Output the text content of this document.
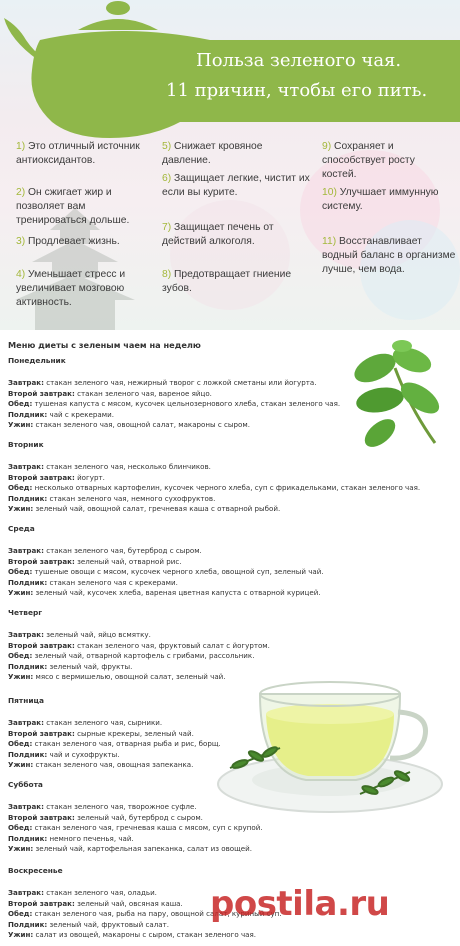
Польза зеленого чая.
11 причин, чтобы его пить.
1) Это отличный источник антиоксидантов.
2) Он сжигает жир и позволяет вам тренироваться дольше.
3) Продлевает жизнь.
4) Уменьшает стресс и увеличивает мозговою активность.
5) Снижает кровяное давление.
6) Защищает легкие, чистит их если вы курите.
7) Защищает печень от действий алкоголя.
8) Предотвращает гниение зубов.
9) Сохраняет и способствует росту костей.
10) Улучшает иммунную систему.
11) Восстанавливает водный баланс в организме лучше, чем вода.
Меню диеты с зеленым чаем на неделю
Понедельник
Завтрак: стакан зеленого чая, нежирный творог с ложкой сметаны или йогурта.
Второй завтрак: стакан зеленого чая, вареное яйцо.
Обед: тушеная капуста с мясом, кусочек цельнозернового хлеба, стакан зеленого чая.
Полдник: чай с крекерами.
Ужин: стакан зеленого чая, овощной салат, макароны с сыром.
Вторник
Завтрак: стакан зеленого чая, несколько блинчиков.
Второй завтрак: йогурт.
Обед: несколько отварных картофелин, кусочек черного хлеба, суп с фрикадельками, стакан зеленого чая.
Полдник: стакан зеленого чая, немного сухофруктов.
Ужин: зеленый чай, овощной салат, гречневая каша с отварной рыбой.
Среда
Завтрак: стакан зеленого чая, бутерброд с сыром.
Второй завтрак: зеленый чай, отварной рис.
Обед: тушеные овощи с мясом, кусочек черного хлеба, овощной суп, зеленый чай.
Полдник: стакан зеленого чая с крекерами.
Ужин: зеленый чай, кусочек хлеба, вареная цветная капуста с отварной курицей.
Четверг
Завтрак: зеленый чай, яйцо всмятку.
Второй завтрак: стакан зеленого чая, фруктовый салат с йогуртом.
Обед: зеленый чай, отварной картофель с грибами, рассольник.
Полдник: зеленый чай, фрукты.
Ужин: мясо с вермишелью, овощной салат, зеленый чай.
Пятница
Завтрак: стакан зеленого чая, сырники.
Второй завтрак: сырные крекеры, зеленый чай.
Обед: стакан зеленого чая, отварная рыба и рис, борщ.
Полдник: чай и сухофрукты.
Ужин: стакан зеленого чая, овощная запеканка.
Суббота
Завтрак: стакан зеленого чая, творожное суфле.
Второй завтрак: зеленый чай, бутерброд с сыром.
Обед: стакан зеленого чая, гречневая каша с мясом, суп с крупой.
Полдник: немного печенья, чай.
Ужин: зеленый чай, картофельная запеканка, салат из овощей.
Воскресенье
Завтрак: стакан зеленого чая, оладьи.
Второй завтрак: зеленый чай, овсяная каша.
Обед: стакан зеленого чая, рыба на пару, овощной салат, куриный суп.
Полдник: зеленый чай, фруктовый салат.
Ужин: салат из овощей, макароны с сыром, стакан зеленого чая.
postila.ru
